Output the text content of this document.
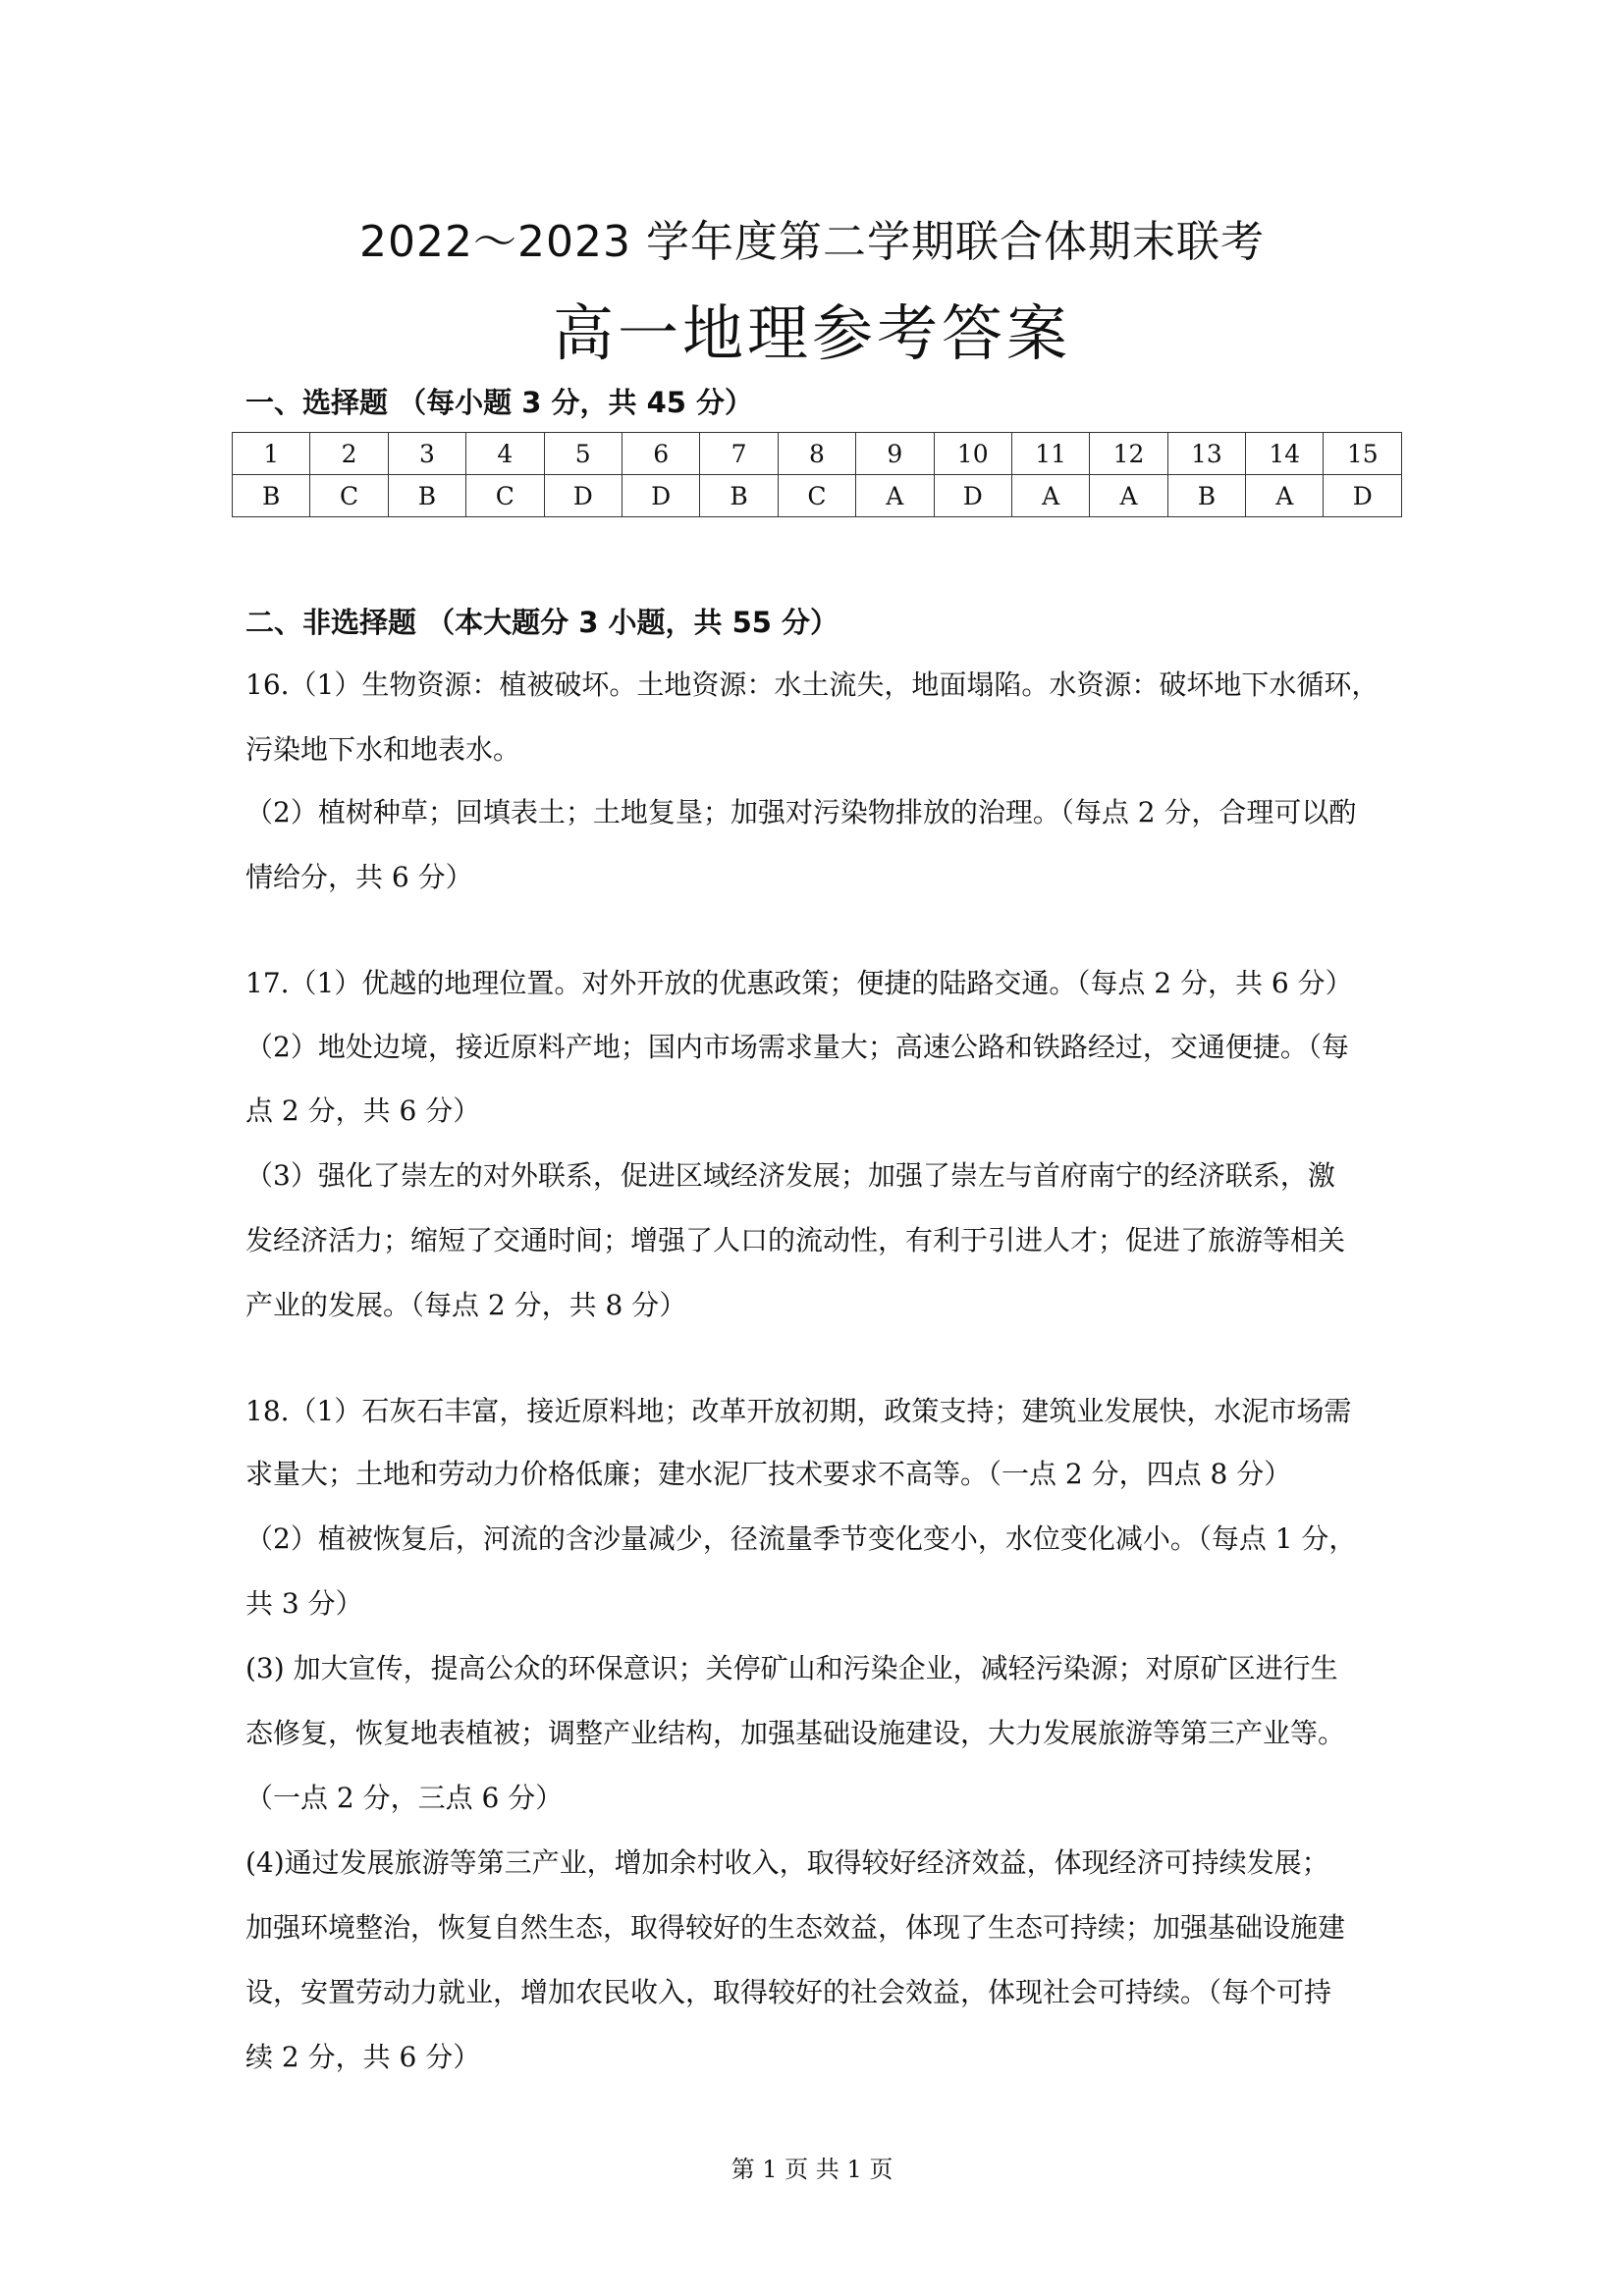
2022～2023 学年度第二学期联合体期末联考
高一地理参考答案
一、选择题 （每小题 3 分，共 45 分）
1	2	3	4	5	6	7	8	9	10	11	12	13	14	15
B	C	B	C	D	D	B	C	A	D	A	A	B	A	D
二、非选择题 （本大题分 3 小题，共 55 分）
16.（1）生物资源：植被破坏。土地资源：水土流失，地面塌陷。水资源：破坏地下水循环，
污染地下水和地表水。
（2）植树种草；回填表土；土地复垦；加强对污染物排放的治理。（每点 2 分，合理可以酌
情给分，共 6 分）
17.（1）优越的地理位置。对外开放的优惠政策；便捷的陆路交通。（每点 2 分，共 6 分）
（2）地处边境，接近原料产地；国内市场需求量大；高速公路和铁路经过，交通便捷。（每
点 2 分，共 6 分）
（3）强化了崇左的对外联系，促进区域经济发展；加强了崇左与首府南宁的经济联系，激
发经济活力；缩短了交通时间；增强了人口的流动性，有利于引进人才；促进了旅游等相关
产业的发展。（每点 2 分，共 8 分）
18.（1）石灰石丰富，接近原料地；改革开放初期，政策支持；建筑业发展快，水泥市场需
求量大；土地和劳动力价格低廉；建水泥厂技术要求不高等。（一点 2 分，四点 8 分）
（2）植被恢复后，河流的含沙量减少，径流量季节变化变小，水位变化减小。（每点 1 分，
共 3 分）
(3) 加大宣传，提高公众的环保意识；关停矿山和污染企业，减轻污染源；对原矿区进行生
态修复，恢复地表植被；调整产业结构，加强基础设施建设，大力发展旅游等第三产业等。
（一点 2 分，三点 6 分）
(4)通过发展旅游等第三产业，增加余村收入，取得较好经济效益，体现经济可持续发展；
加强环境整治，恢复自然生态，取得较好的生态效益，体现了生态可持续；加强基础设施建
设，安置劳动力就业，增加农民收入，取得较好的社会效益，体现社会可持续。（每个可持
续 2 分，共 6 分）
第 1 页 共 1 页
